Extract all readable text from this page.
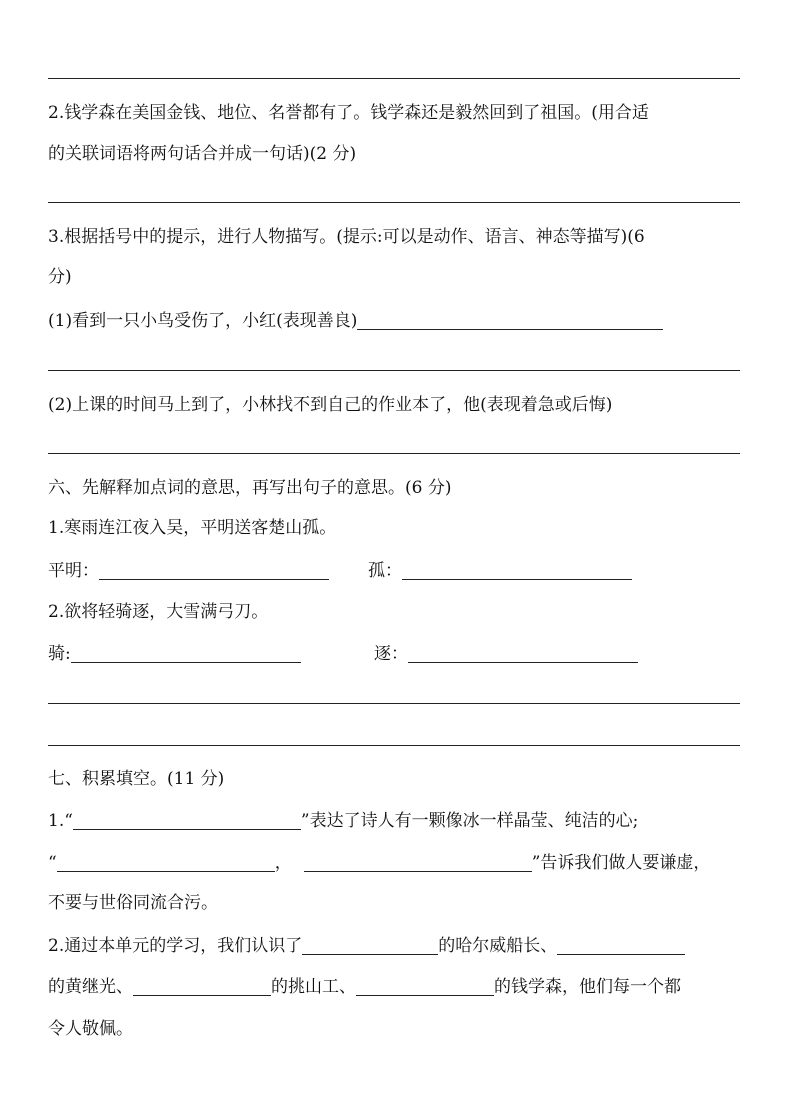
2.钱学森在美国金钱、地位、名誉都有了。钱学森还是毅然回到了祖国。(用合适
的关联词语将两句话合并成一句话)(2 分)
3.根据括号中的提示，进行人物描写。(提示:可以是动作、语言、神态等描写)(6
分)
(1)看到一只小鸟受伤了，小红(表现善良)
(2)上课的时间马上到了，小林找不到自己的作业本了，他(表现着急或后悔)
六、先解释加点词的意思，再写出句子的意思。(6 分)
1.寒雨连江夜入吴，平明送客楚山孤。
平明：	孤：
2.欲将轻骑逐，大雪满弓刀。
骑:	逐：
七、积累填空。(11 分)
1.“	”表达了诗人有一颗像冰一样晶莹、纯洁的心;
“	，	”告诉我们做人要谦虚，
不要与世俗同流合污。
2.通过本单元的学习，我们认识了	的哈尔威船长、
的黄继光、	的挑山工、	的钱学森，他们每一个都
令人敬佩。
